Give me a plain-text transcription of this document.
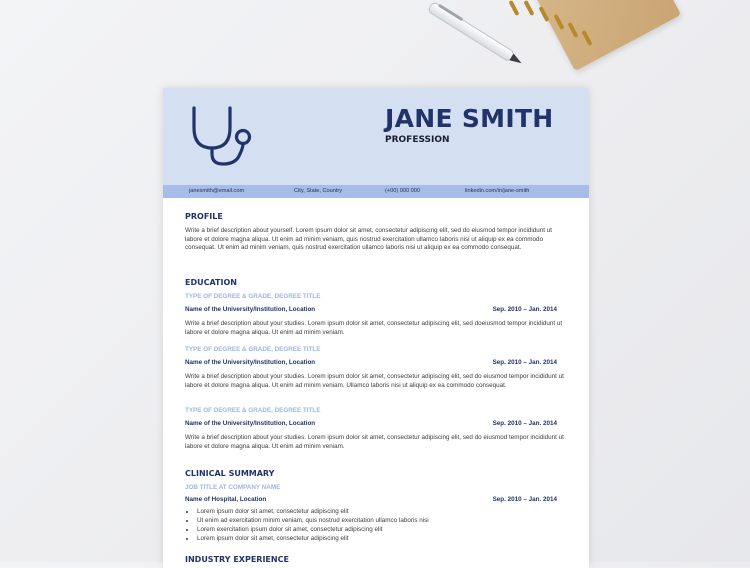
JANE SMITH
PROFESSION
janesmith@email.com	City, State, Country	(+00) 000 000	linkedin.com/in/jane-smith
PROFILE
Write a brief description about yourself. Lorem ipsum dolor sit amet, consectetur adipiscing elit, sed do eiusmod tempor incididunt ut labore et dolore magna aliqua. Ut enim ad minim veniam, quis nostrud exercitation ullamco laboris nisi ut aliquip ex ea commodo consequat. Ut enim ad minim veniam, quis nostrud exercitation ullamco laboris nisi ut aliquip ex ea commodo consequat.
EDUCATION
TYPE OF DEGREE & GRADE, DEGREE TITLE
Name of the University/Institution, Location	Sep. 2010 – Jan. 2014
Write a brief description about your studies. Lorem ipsum dolor sit amet, consectetur adipiscing elit, sed doeiusmod tempor incididunt ut labore et dolore magna aliqua. Ut enim ad minim veniam.
TYPE OF DEGREE & GRADE, DEGREE TITLE
Name of the University/Institution, Location	Sep. 2010 – Jan. 2014
Write a brief description about your studies. Lorem ipsum dolor sit amet, consectetur adipiscing elit, sed do eiusmod tempor incididunt ut labore et dolore magna aliqua. Ut enim ad minim veniam. Ullamco laboris nisi ut aliquip ex ea commodo consequat.
TYPE OF DEGREE & GRADE, DEGREE TITLE
Name of the University/Institution, Location	Sep. 2010 – Jan. 2014
Write a brief description about your studies. Lorem ipsum dolor sit amet, consectetur adipiscing elit, sed do eiusmod tempor incididunt ut labore et dolore magna aliqua. Ut enim ad minim veniam.
CLINICAL SUMMARY
JOB TITLE AT COMPANY NAME
Name of Hospital, Location	Sep. 2010 – Jan. 2014
• Lorem ipsum dolor sit amet, consectetur adipiscing elit
• Ut enim ad exercitation minim veniam, quis nostrud exercitation ullamco laboris nisi
• Lorem exercitation ipsum dolor sit amet, consectetur adipiscing elit
• Lorem ipsum dolor sit amet, consectetur adipiscing elit
INDUSTRY EXPERIENCE
